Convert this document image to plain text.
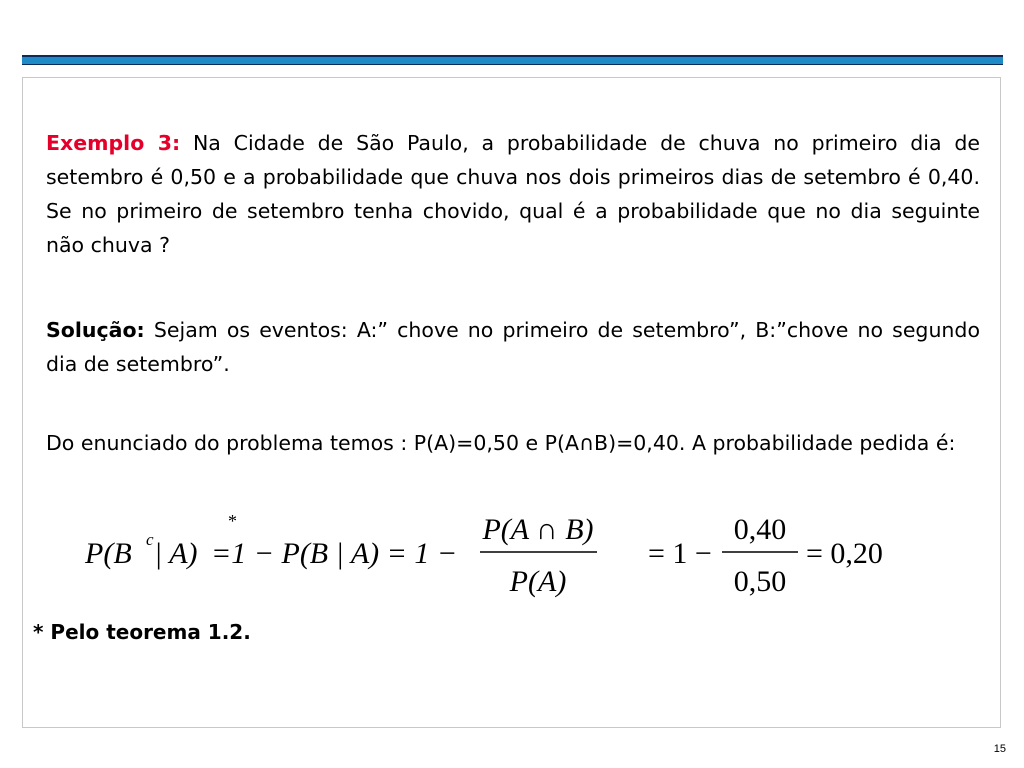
Exemplo 3: Na Cidade de São Paulo, a probabilidade de chuva no primeiro dia de setembro é 0,50 e a probabilidade que chuva nos dois primeiros dias de setembro é 0,40. Se no primeiro de setembro tenha chovido, qual é a probabilidade que no dia seguinte não chuva ?

Solução: Sejam os eventos: A:” chove no primeiro de setembro”, B:”chove no segundo dia de setembro”.

Do enunciado do problema temos : P(A)=0,50 e P(A∩B)=0,40. A probabilidade pedida é:

P(B c | A)
*
=1 − P(B | A) = 1 −
P(A ∩ B)
P(A)
= 1 −
0,40
0,50
= 0,20
* Pelo teorema 1.2.
15
